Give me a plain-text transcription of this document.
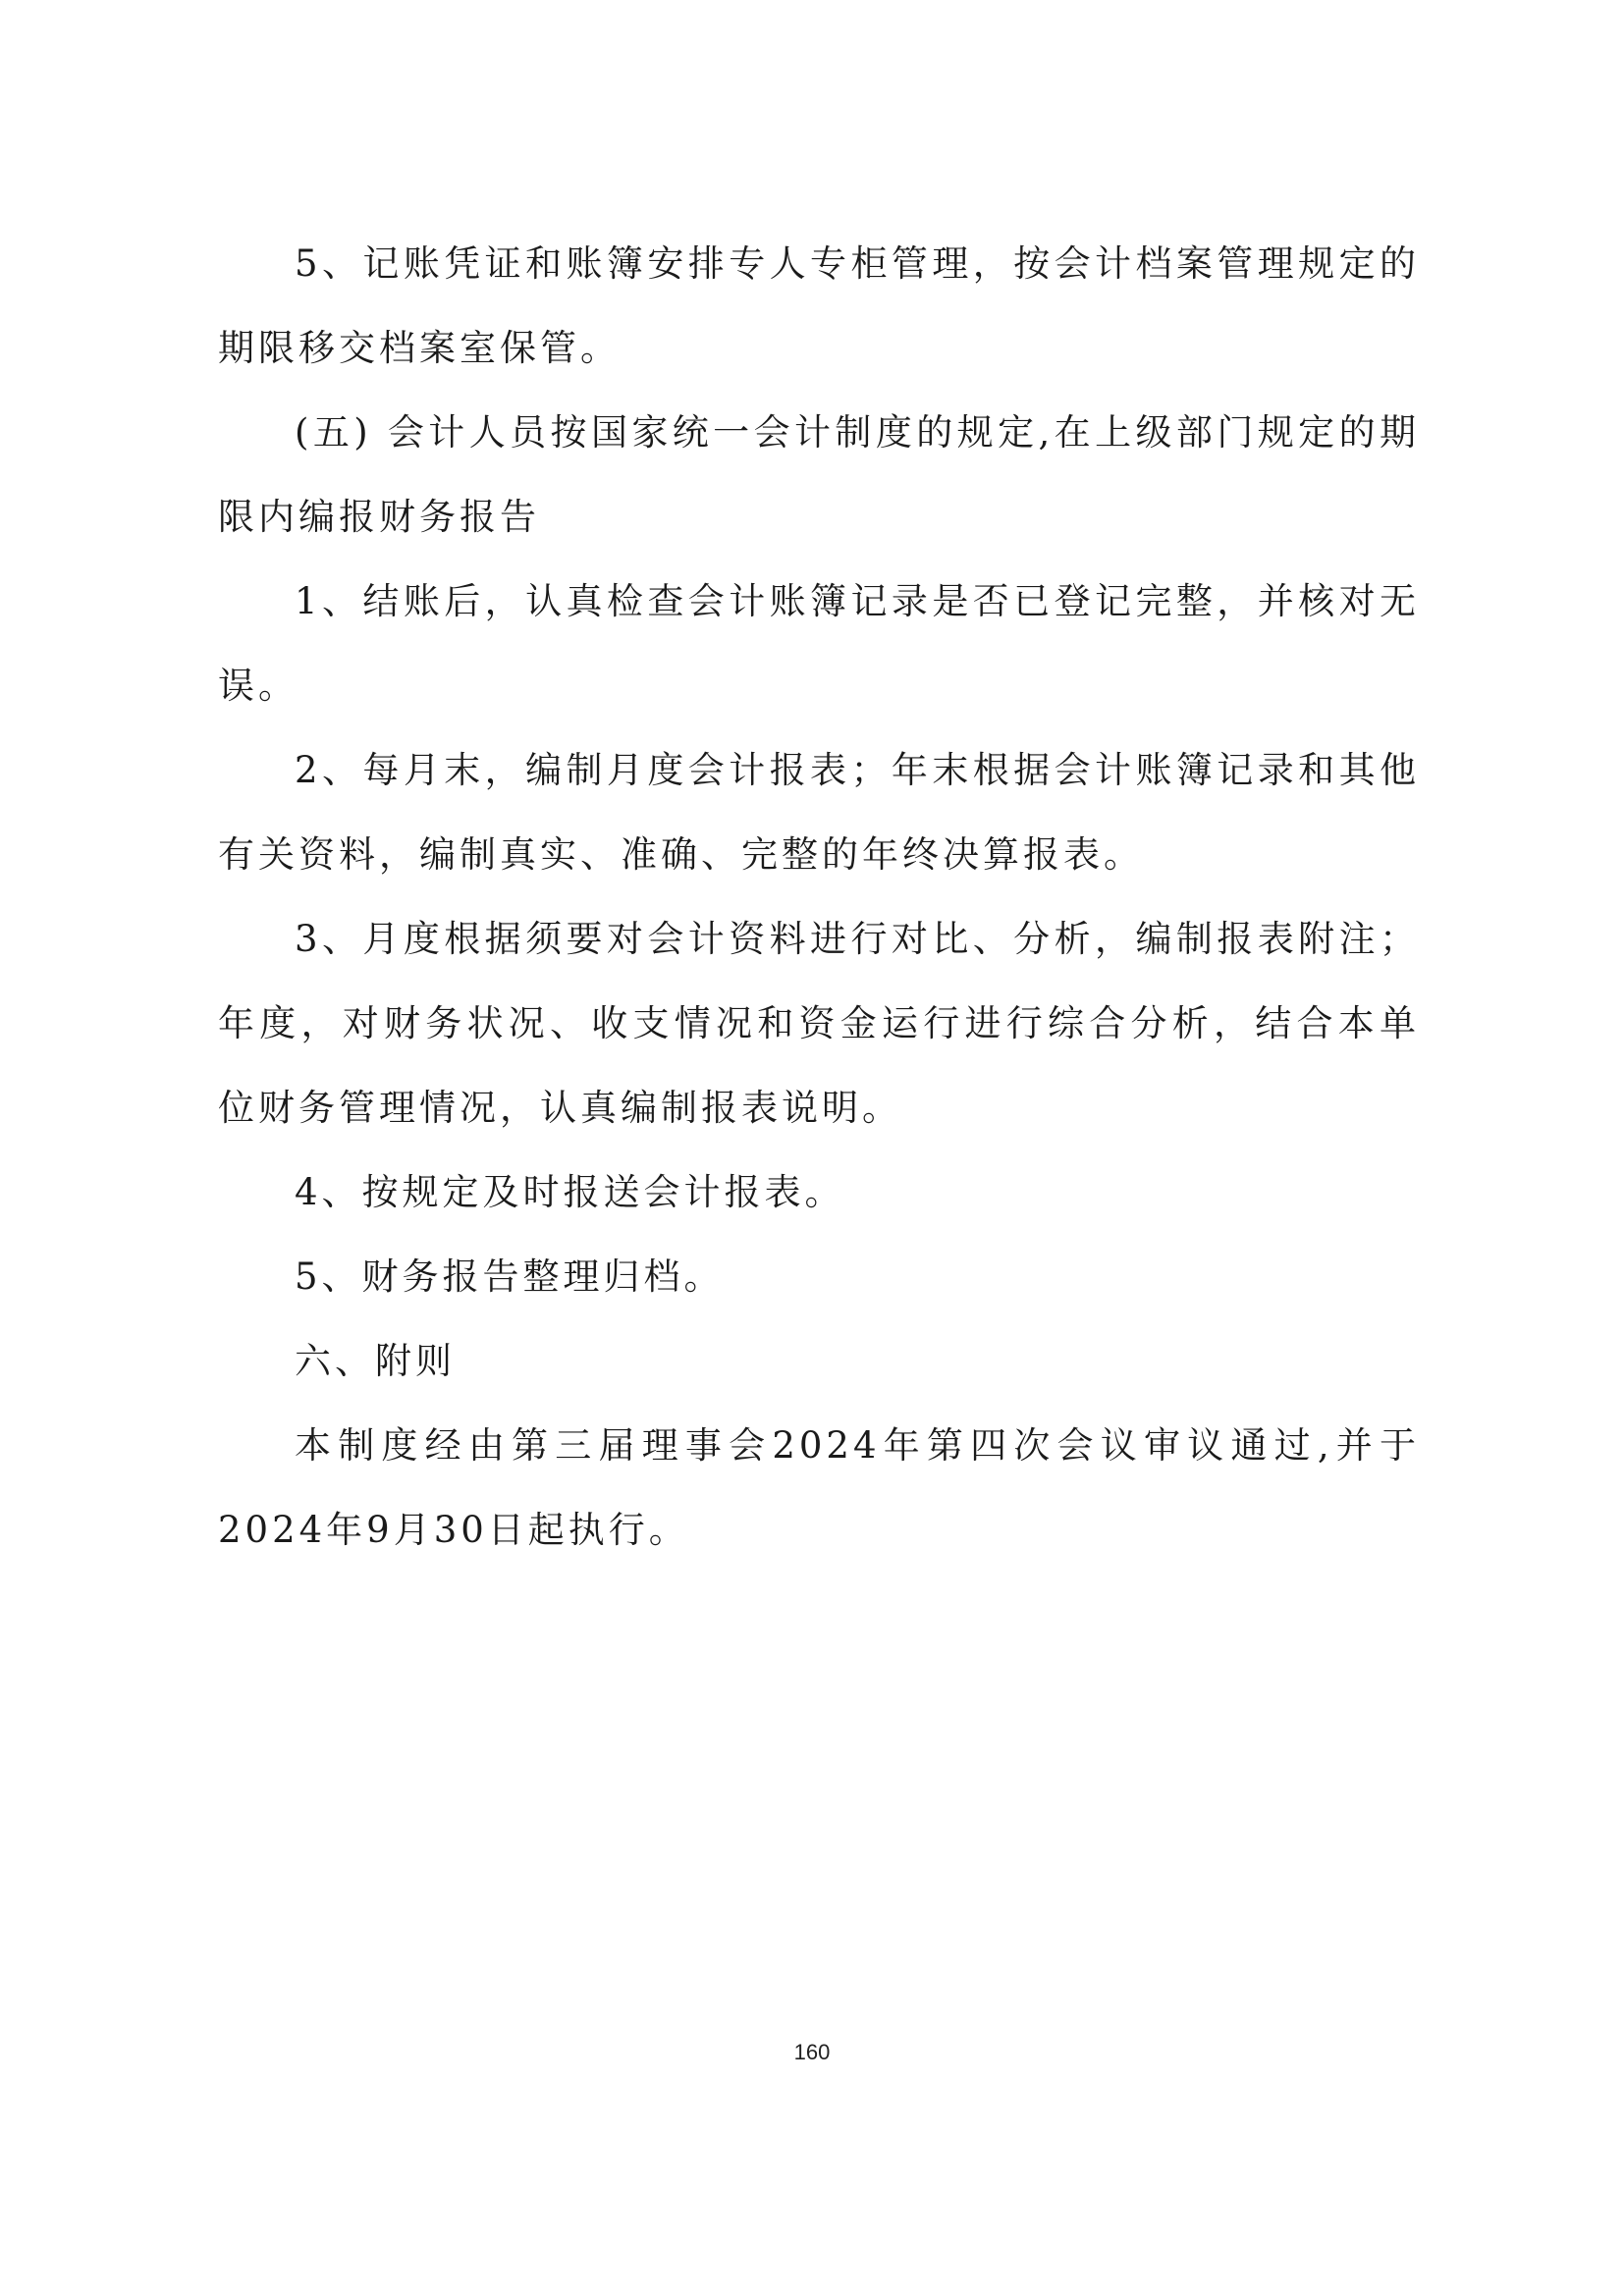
5、记账凭证和账簿安排专人专柜管理，按会计档案管理规定的期限移交档案室保管。

(五) 会计人员按国家统一会计制度的规定,在上级部门规定的期限内编报财务报告

1、结账后，认真检查会计账簿记录是否已登记完整，并核对无误。

2、每月末，编制月度会计报表；年末根据会计账簿记录和其他有关资料，编制真实、准确、完整的年终决算报表。

3、月度根据须要对会计资料进行对比、分析，编制报表附注；年度，对财务状况、收支情况和资金运行进行综合分析，结合本单位财务管理情况，认真编制报表说明。

4、按规定及时报送会计报表。

5、财务报告整理归档。

六、附则

本制度经由第三届理事会2024年第四次会议审议通过,并于2024年9月30日起执行。

160
